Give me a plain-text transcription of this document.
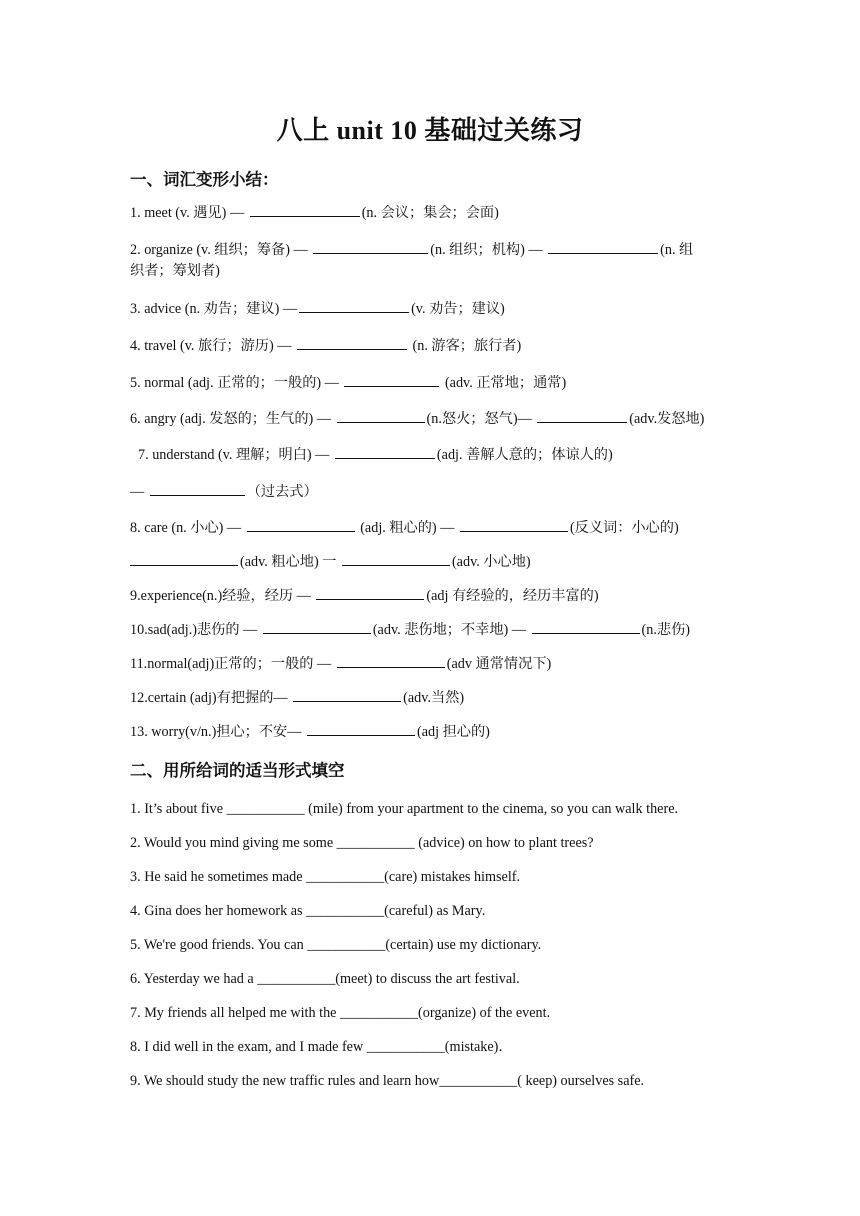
八上 unit 10 基础过关练习
一、词汇变形小结：
1. meet (v. 遇见) —	(n. 会议；集会；会面)
2. organize (v. 组织；筹备) —	(n. 组织；机构) —	(n. 组
织者；筹划者)
3. advice (n. 劝告；建议) —	(v. 劝告；建议)
4. travel (v. 旅行；游历) —	(n. 游客；旅行者)
5. normal (adj. 正常的；一般的) —	(adv. 正常地；通常)
6. angry (adj. 发怒的；生气的) —	(n.怒火；怒气)—	(adv.发怒地)
7. understand (v. 理解；明白) —	(adj. 善解人意的；体谅人的)
—	（过去式）
8. care (n. 小心) —	(adj. 粗心的) —	(反义词：小心的)
(adv. 粗心地) 一	(adv. 小心地)
9.experience(n.)经验，经历 —	(adj 有经验的，经历丰富的)
10.sad(adj.)悲伤的 —	(adv. 悲伤地；不幸地) —	(n.悲伤)
11.normal(adj)正常的；一般的 —	(adv 通常情况下)
12.certain (adj)有把握的—	(adv.当然)
13. worry(v/n.)担心；不安—	(adj 担心的)
二、用所给词的适当形式填空
1. It’s about five ___________ (mile) from your apartment to the cinema, so you can walk there.
2. Would you mind giving me some ___________ (advice) on how to plant trees?
3. He said he sometimes made ___________(care) mistakes himself.
4. Gina does her homework as ___________(careful) as Mary.
5. We're good friends. You can ___________(certain) use my dictionary.
6. Yesterday we had a ___________(meet) to discuss the art festival.
7. My friends all helped me with the ___________(organize) of the event.
8. I did well in the exam, and I made few ___________(mistake)．
9. We should study the new traffic rules and learn how___________( keep) ourselves safe.
